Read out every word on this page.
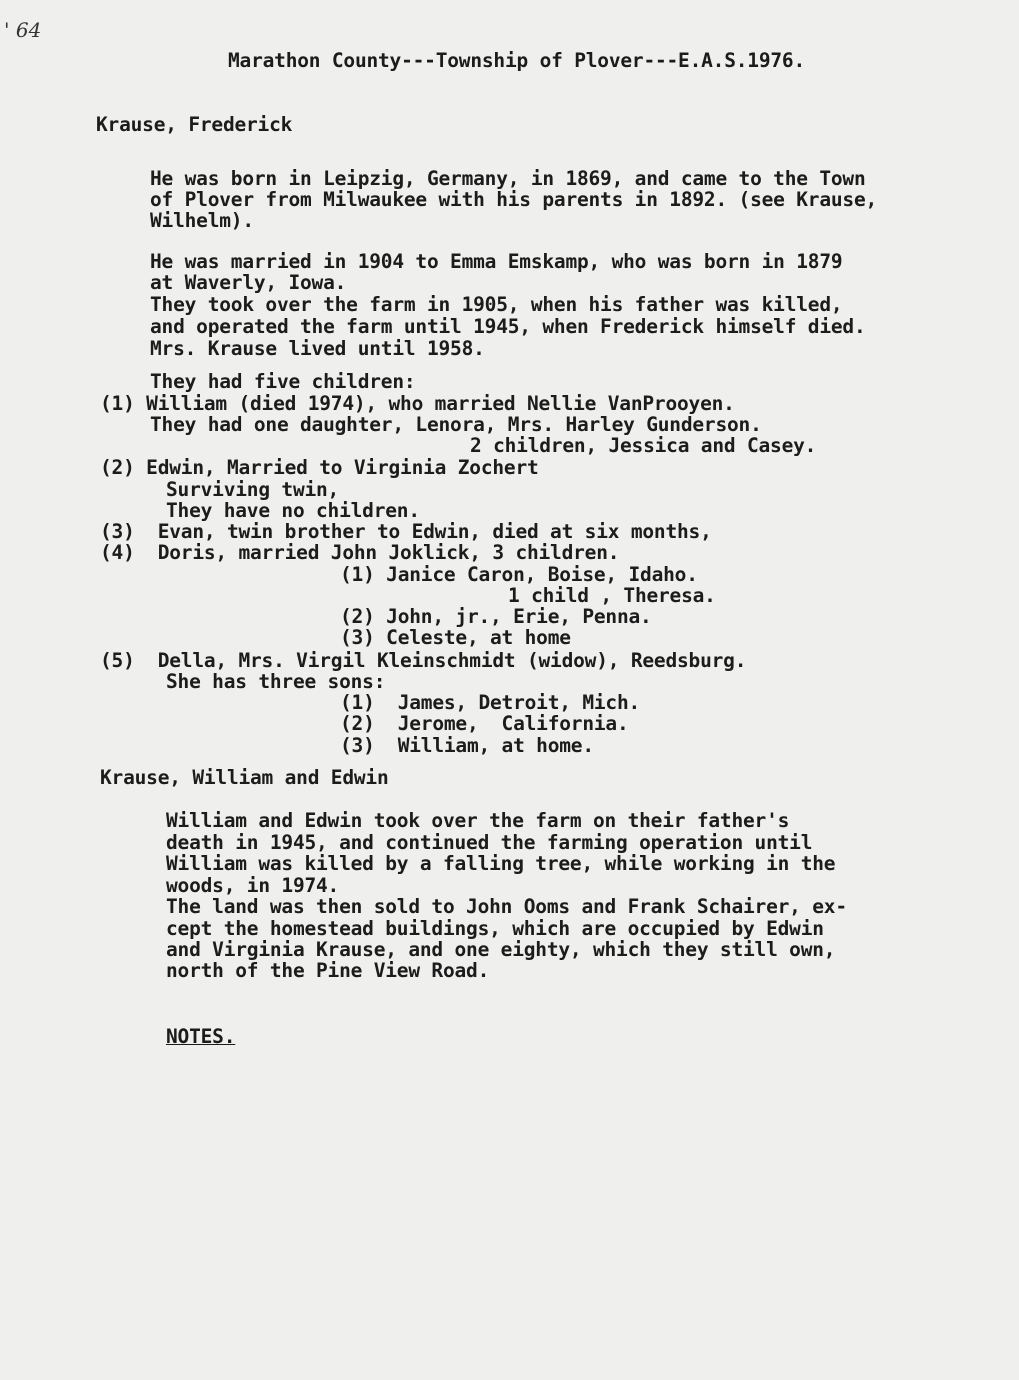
' 64
Marathon County---Township of Plover---E.A.S.1976.
Krause, Frederick
He was born in Leipzig, Germany, in 1869, and came to the Town
of Plover from Milwaukee with his parents in 1892. (see Krause,
Wilhelm).
He was married in 1904 to Emma Emskamp, who was born in 1879
at Waverly, Iowa.
They took over the farm in 1905, when his father was killed,
and operated the farm until 1945, when Frederick himself died.
Mrs. Krause lived until 1958.
They had five children:
(1) William (died 1974), who married Nellie VanProoyen.
They had one daughter, Lenora, Mrs. Harley Gunderson.
2 children, Jessica and Casey.
(2) Edwin, Married to Virginia Zochert
Surviving twin,
They have no children.
(3)  Evan, twin brother to Edwin, died at six months,
(4)  Doris, married John Joklick, 3 children.
(1) Janice Caron, Boise, Idaho.
1 child , Theresa.
(2) John, jr., Erie, Penna.
(3) Celeste, at home
(5)  Della, Mrs. Virgil Kleinschmidt (widow), Reedsburg.
She has three sons:
(1)  James, Detroit, Mich.
(2)  Jerome,  California.
(3)  William, at home.
Krause, William and Edwin
William and Edwin took over the farm on their father's
death in 1945, and continued the farming operation until
William was killed by a falling tree, while working in the
woods, in 1974.
The land was then sold to John Ooms and Frank Schairer, ex-
cept the homestead buildings, which are occupied by Edwin
and Virginia Krause, and one eighty, which they still own,
north of the Pine View Road.
NOTES.
